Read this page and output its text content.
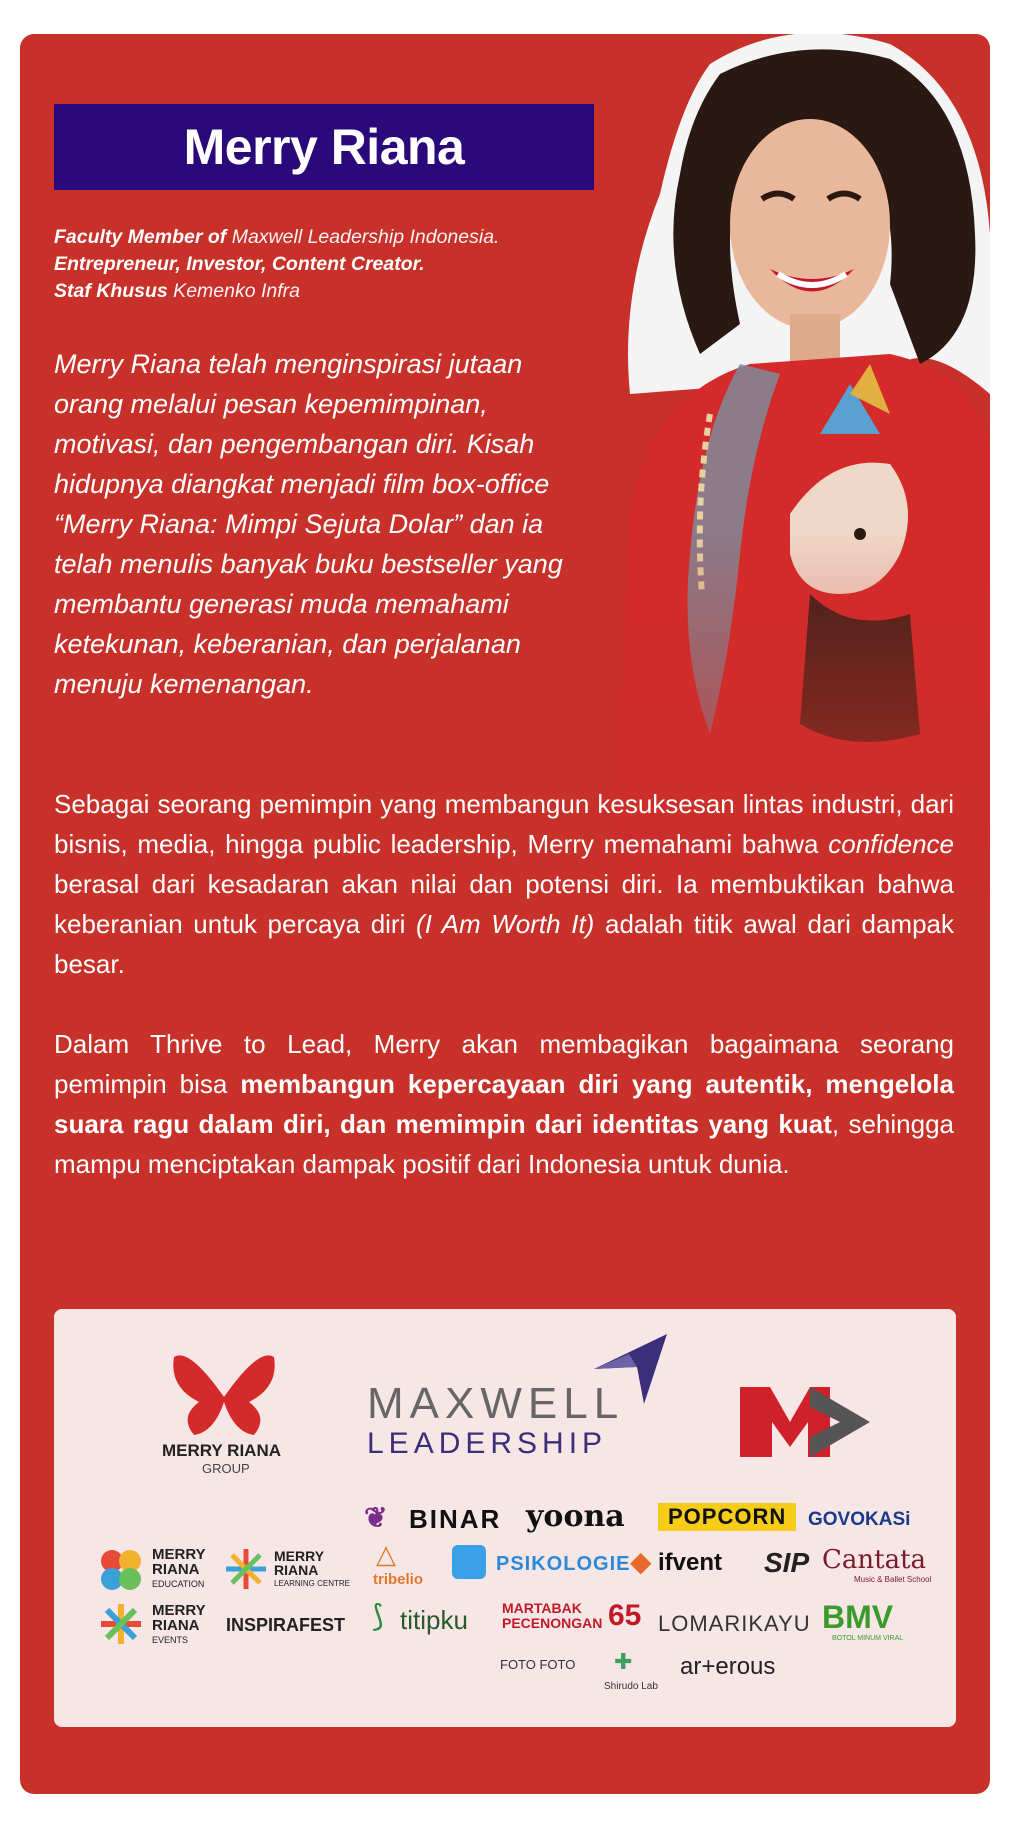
Merry Riana
Faculty Member of Maxwell Leadership Indonesia.
Entrepreneur, Investor, Content Creator.
Staf Khusus Kemenko Infra

Merry Riana telah menginspirasi jutaan orang melalui pesan kepemimpinan, motivasi, dan pengembangan diri. Kisah hidupnya diangkat menjadi film box-office “Merry Riana: Mimpi Sejuta Dolar” dan ia telah menulis banyak buku bestseller yang membantu generasi muda memahami ketekunan, keberanian, dan perjalanan menuju kemenangan.

Sebagai seorang pemimpin yang membangun kesuksesan lintas industri, dari bisnis, media, hingga public leadership, Merry memahami bahwa confidence berasal dari kesadaran akan nilai dan potensi diri. Ia membuktikan bahwa keberanian untuk percaya diri (I Am Worth It) adalah titik awal dari dampak besar.

Dalam Thrive to Lead, Merry akan membagikan bagaimana seorang pemimpin bisa membangun kepercayaan diri yang autentik, mengelola suara ragu dalam diri, dan memimpin dari identitas yang kuat, sehingga mampu menciptakan dampak positif dari Indonesia untuk dunia.

MERRY RIANA
GROUP
MAXWELL
LEADERSHIP
MERRY
RIANA
EDUCATION
MERRY
RIANA
LEARNING CENTRE
MERRY
RIANA
EVENTS
INSPIRAFEST
❦ BINAR yoona	POPCORN	GOVOKASi
△
tribelio
PSIKOLOGIE ◆ ifvent SIP Cantata
Music & Ballet School
⟆ titipku MARTABAK
PECENONGAN 65 LOMARIKAYU BMV
BOTOL MINUM VIRAL
FOTO FOTO ✚
Shirudo Lab
ar+erous
